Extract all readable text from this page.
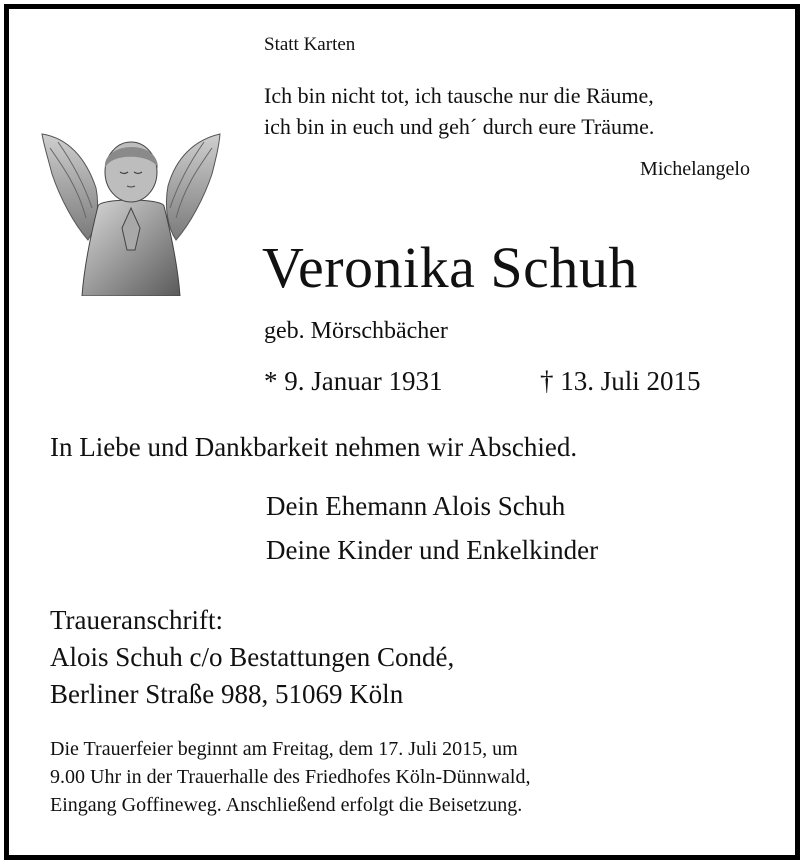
Statt Karten
Ich bin nicht tot, ich tausche nur die Räume,
ich bin in euch und geh´ durch eure Träume.
Michelangelo
Veronika Schuh
geb. Mörschbächer
* 9. Januar 1931	† 13. Juli 2015
In Liebe und Dankbarkeit nehmen wir Abschied.
Dein Ehemann Alois Schuh
Deine Kinder und Enkelkinder
Traueranschrift:
Alois Schuh c/o Bestattungen Condé,
Berliner Straße 988, 51069 Köln
Die Trauerfeier beginnt am Freitag, dem 17. Juli 2015, um
9.00 Uhr in der Trauerhalle des Friedhofes Köln-Dünnwald,
Eingang Goffineweg. Anschließend erfolgt die Beisetzung.
